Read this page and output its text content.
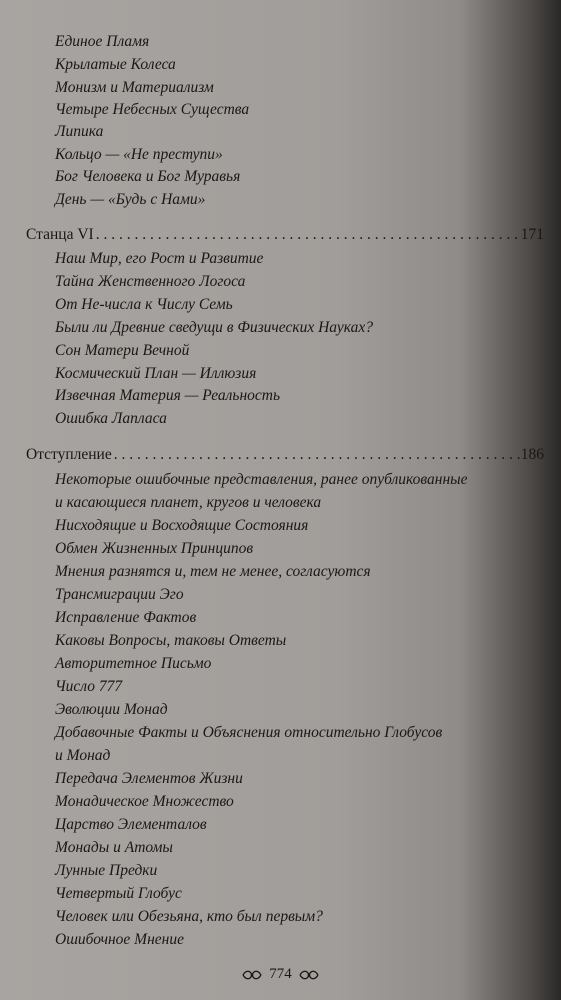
Единое Пламя
Крылатые Колеса
Монизм и Материализм
Четыре Небесных Существа
Липика
Кольцо — «Не преступи»
Бог Человека и Бог Муравья
День — «Будь с Нами»
Станца VI . . .	171
Наш Мир, его Рост и Развитие
Тайна Женственного Логоса
От Не-числа к Числу Семь
Были ли Древние сведущи в Физических Науках?
Сон Матери Вечной
Космический План — Иллюзия
Извечная Материя — Реальность
Ошибка Лапласа
Отступление . . .	186
Некоторые ошибочные представления, ранее опубликованные
и касающиеся планет, кругов и человека
Нисходящие и Восходящие Состояния
Обмен Жизненных Принципов
Мнения разнятся и, тем не менее, согласуются
Трансмиграции Эго
Исправление Фактов
Каковы Вопросы, таковы Ответы
Авторитетное Письмо
Число 777
Эволюции Монад
Добавочные Факты и Объяснения относительно Глобусов
и Монад
Передача Элементов Жизни
Монадическое Множество
Царство Элементалов
Монады и Атомы
Лунные Предки
Четвертый Глобус
Человек или Обезьяна, кто был первым?
Ошибочное Мнение
774
